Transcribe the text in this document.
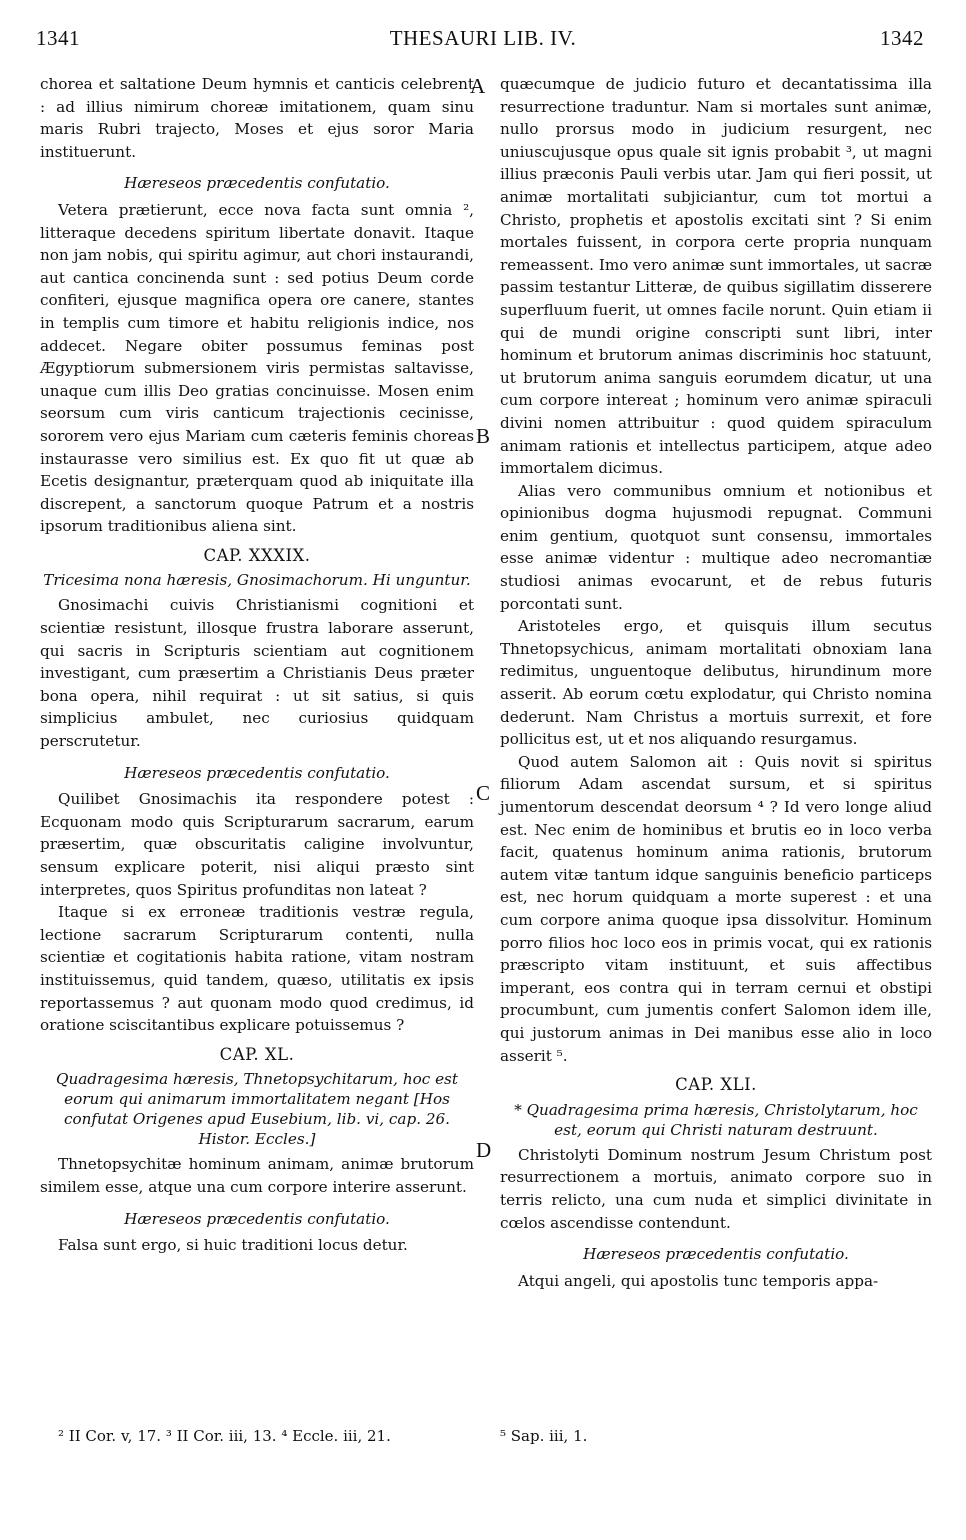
1341	THESAURI LIB. IV.	1342
A
B
C
D

chorea et saltatione Deum hymnis et canticis celebrent : ad illius nimirum choreæ imitationem, quam sinu maris Rubri trajecto, Moses et ejus soror Maria instituerunt.

Hæreseos præcedentis confutatio.

Vetera prætierunt, ecce nova facta sunt omnia ², litteraque decedens spiritum libertate donavit. Itaque non jam nobis, qui spiritu agimur, aut chori instaurandi, aut cantica concinenda sunt : sed potius Deum corde confiteri, ejusque magnifica opera ore canere, stantes in templis cum timore et habitu religionis indice, nos addecet. Negare obiter possumus feminas post Ægyptiorum submersionem viris permistas saltavisse, unaque cum illis Deo gratias concinuisse. Mosen enim seorsum cum viris canticum trajectionis cecinisse, sororem vero ejus Mariam cum cæteris feminis choreas instaurasse vero similius est. Ex quo fit ut quæ ab Ecetis designantur, præterquam quod ab iniquitate illa discrepent, a sanctorum quoque Patrum et a nostris ipsorum traditionibus aliena sint.

CAP. XXXIX.

Tricesima nona hæresis, Gnosimachorum. Hi unguntur.

Gnosimachi cuivis Christianismi cognitioni et scientiæ resistunt, illosque frustra laborare asserunt, qui sacris in Scripturis scientiam aut cognitionem investigant, cum præsertim a Christianis Deus præter bona opera, nihil requirat : ut sit satius, si quis simplicius ambulet, nec curiosius quidquam perscrutetur.

Hæreseos præcedentis confutatio.

Quilibet Gnosimachis ita respondere potest : Ecquonam modo quis Scripturarum sacrarum, earum præsertim, quæ obscuritatis caligine involvuntur, sensum explicare poterit, nisi aliqui præsto sint interpretes, quos Spiritus profunditas non lateat ?

Itaque si ex erroneæ traditionis vestræ regula, lectione sacrarum Scripturarum contenti, nulla scientiæ et cogitationis habita ratione, vitam nostram instituissemus, quid tandem, quæso, utilitatis ex ipsis reportassemus ? aut quonam modo quod credimus, id oratione sciscitantibus explicare potuissemus ?

CAP. XL.

Quadragesima hæresis, Thnetopsychitarum, hoc est eorum qui animarum immortalitatem negant [Hos confutat Origenes apud Eusebium, lib. vi, cap. 26. Histor. Eccles.]

Thnetopsychitæ hominum animam, animæ brutorum similem esse, atque una cum corpore interire asserunt.

Hæreseos præcedentis confutatio.

Falsa sunt ergo, si huic traditioni locus detur.

quæcumque de judicio futuro et decantatissima illa resurrectione traduntur. Nam si mortales sunt animæ, nullo prorsus modo in judicium resurgent, nec uniuscujusque opus quale sit ignis probabit ³, ut magni illius præconis Pauli verbis utar. Jam qui fieri possit, ut animæ mortalitati subjiciantur, cum tot mortui a Christo, prophetis et apostolis excitati sint ? Si enim mortales fuissent, in corpora certe propria nunquam remeassent. Imo vero animæ sunt immortales, ut sacræ passim testantur Litteræ, de quibus sigillatim disserere superfluum fuerit, ut omnes facile norunt. Quin etiam ii qui de mundi origine conscripti sunt libri, inter hominum et brutorum animas discriminis hoc statuunt, ut brutorum anima sanguis eorumdem dicatur, ut una cum corpore intereat ; hominum vero animæ spiraculi divini nomen attribuitur : quod quidem spiraculum animam rationis et intellectus participem, atque adeo immortalem dicimus.

Alias vero communibus omnium et notionibus et opinionibus dogma hujusmodi repugnat. Communi enim gentium, quotquot sunt consensu, immortales esse animæ videntur : multique adeo necromantiæ studiosi animas evocarunt, et de rebus futuris porcontati sunt.

Aristoteles ergo, et quisquis illum secutus Thnetopsychicus, animam mortalitati obnoxiam lana redimitus, unguentoque delibutus, hirundinum more asserit. Ab eorum cœtu explodatur, qui Christo nomina dederunt. Nam Christus a mortuis surrexit, et fore pollicitus est, ut et nos aliquando resurgamus.

Quod autem Salomon ait : Quis novit si spiritus filiorum Adam ascendat sursum, et si spiritus jumentorum descendat deorsum ⁴ ? Id vero longe aliud est. Nec enim de hominibus et brutis eo in loco verba facit, quatenus hominum anima rationis, brutorum autem vitæ tantum idque sanguinis beneficio particeps est, nec horum quidquam a morte superest : et una cum corpore anima quoque ipsa dissolvitur. Hominum porro filios hoc loco eos in primis vocat, qui ex rationis præscripto vitam instituunt, et suis affectibus imperant, eos contra qui in terram cernui et obstipi procumbunt, cum jumentis confert Salomon idem ille, qui justorum animas in Dei manibus esse alio in loco asserit ⁵.

CAP. XLI.

* Quadragesima prima hæresis, Christolytarum, hoc est, eorum qui Christi naturam destruunt.

Christolyti Dominum nostrum Jesum Christum post resurrectionem a mortuis, animato corpore suo in terris relicto, una cum nuda et simplici divinitate in cœlos ascendisse contendunt.

Hæreseos præcedentis confutatio.

Atqui angeli, qui apostolis tunc temporis appa-

² II Cor. v, 17. ³ II Cor. iii, 13. ⁴ Eccle. iii, 21.	⁵ Sap. iii, 1.
